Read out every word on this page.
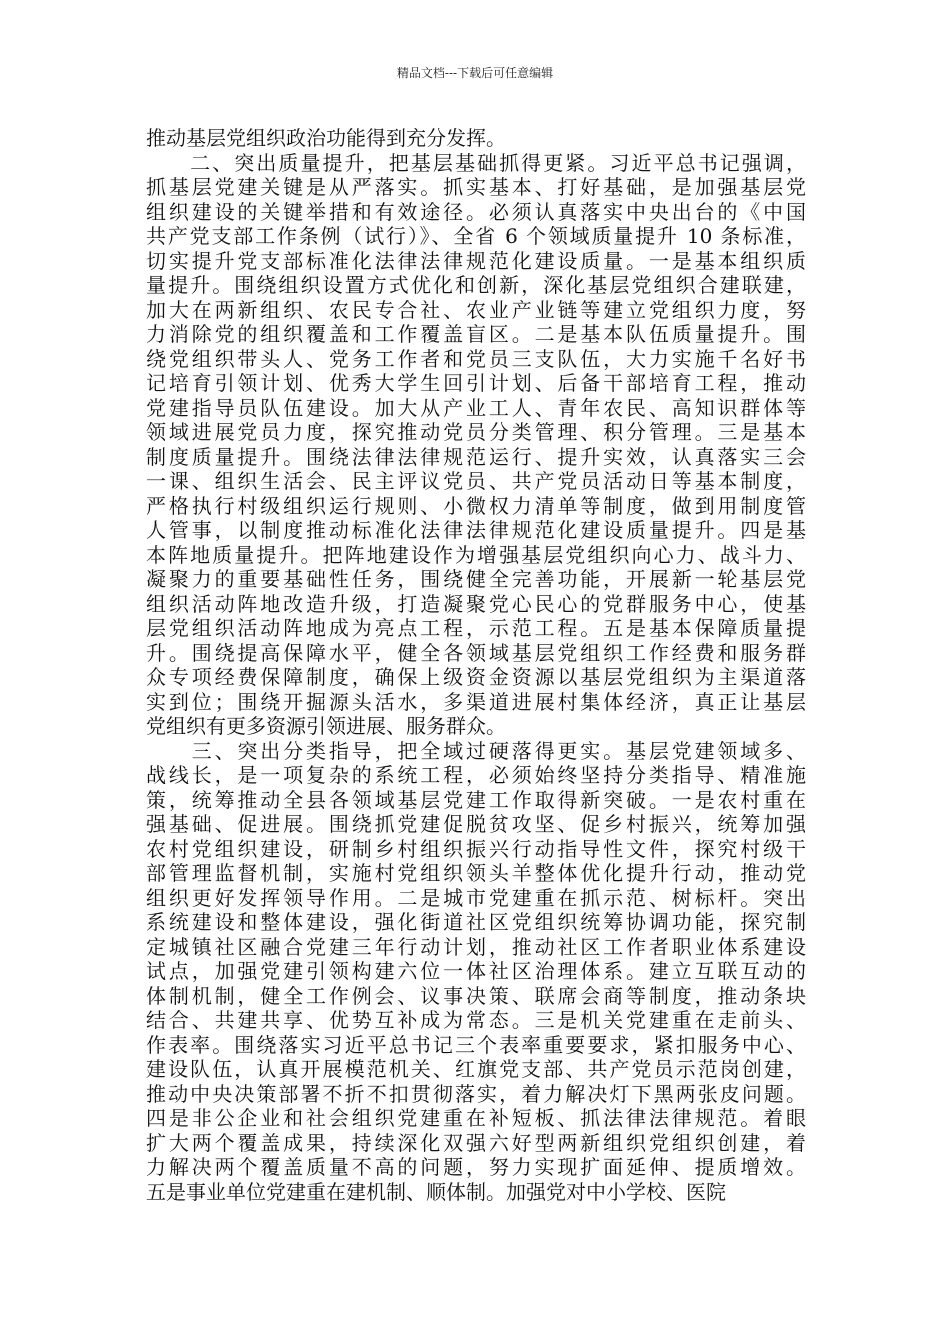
精品文档---下载后可任意编辑
推动基层党组织政治功能得到充分发挥。
　　二、突出质量提升，把基层基础抓得更紧。习近平总书记强调，
抓基层党建关键是从严落实。抓实基本、打好基础，是加强基层党
组织建设的关键举措和有效途径。必须认真落实中央出台的《中国
共产党支部工作条例（试行）》、全省 6 个领域质量提升 10 条标准，
切实提升党支部标准化法律法律规范化建设质量。一是基本组织质
量提升。围绕组织设置方式优化和创新，深化基层党组织合建联建，
加大在两新组织、农民专合社、农业产业链等建立党组织力度，努
力消除党的组织覆盖和工作覆盖盲区。二是基本队伍质量提升。围
绕党组织带头人、党务工作者和党员三支队伍，大力实施千名好书
记培育引领计划、优秀大学生回引计划、后备干部培育工程，推动
党建指导员队伍建设。加大从产业工人、青年农民、高知识群体等
领域进展党员力度，探究推动党员分类管理、积分管理。三是基本
制度质量提升。围绕法律法律规范运行、提升实效，认真落实三会
一课、组织生活会、民主评议党员、共产党员活动日等基本制度，
严格执行村级组织运行规则、小微权力清单等制度，做到用制度管
人管事，以制度推动标准化法律法律规范化建设质量提升。四是基
本阵地质量提升。把阵地建设作为增强基层党组织向心力、战斗力、
凝聚力的重要基础性任务，围绕健全完善功能，开展新一轮基层党
组织活动阵地改造升级，打造凝聚党心民心的党群服务中心，使基
层党组织活动阵地成为亮点工程，示范工程。五是基本保障质量提
升。围绕提高保障水平，健全各领域基层党组织工作经费和服务群
众专项经费保障制度，确保上级资金资源以基层党组织为主渠道落
实到位；围绕开掘源头活水，多渠道进展村集体经济，真正让基层
党组织有更多资源引领进展、服务群众。
　　三、突出分类指导，把全域过硬落得更实。基层党建领域多、
战线长，是一项复杂的系统工程，必须始终坚持分类指导、精准施
策，统筹推动全县各领域基层党建工作取得新突破。一是农村重在
强基础、促进展。围绕抓党建促脱贫攻坚、促乡村振兴，统筹加强
农村党组织建设，研制乡村组织振兴行动指导性文件，探究村级干
部管理监督机制，实施村党组织领头羊整体优化提升行动，推动党
组织更好发挥领导作用。二是城市党建重在抓示范、树标杆。突出
系统建设和整体建设，强化街道社区党组织统筹协调功能，探究制
定城镇社区融合党建三年行动计划，推动社区工作者职业体系建设
试点，加强党建引领构建六位一体社区治理体系。建立互联互动的
体制机制，健全工作例会、议事决策、联席会商等制度，推动条块
结合、共建共享、优势互补成为常态。三是机关党建重在走前头、
作表率。围绕落实习近平总书记三个表率重要要求，紧扣服务中心、
建设队伍，认真开展模范机关、红旗党支部、共产党员示范岗创建，
推动中央决策部署不折不扣贯彻落实，着力解决灯下黑两张皮问题。
四是非公企业和社会组织党建重在补短板、抓法律法律规范。着眼
扩大两个覆盖成果，持续深化双强六好型两新组织党组织创建，着
力解决两个覆盖质量不高的问题，努力实现扩面延伸、提质增效。
五是事业单位党建重在建机制、顺体制。加强党对中小学校、医院
